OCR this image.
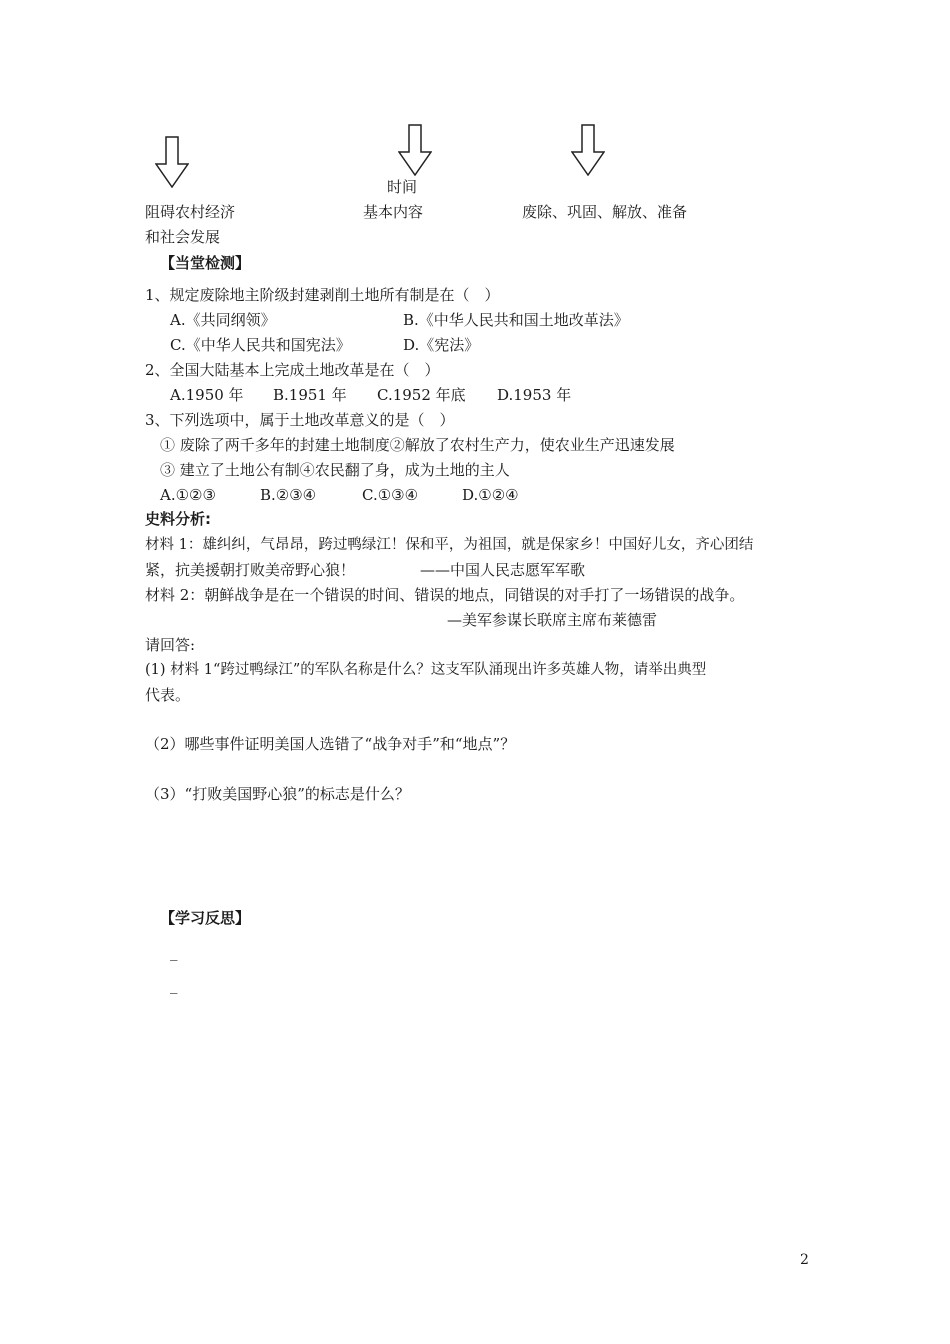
时间
阻碍农村经济
和社会发展
基本内容	废除、巩固、解放、准备
【当堂检测】
1、规定废除地主阶级封建剥削土地所有制是在（　）
A.《共同纲领》	B.《中华人民共和国土地改革法》
C.《中华人民共和国宪法》	D.《宪法》
2、全国大陆基本上完成土地改革是在（　）
A.1950 年 B.1951 年 C.1952 年底 D.1953 年
3、下列选项中，属于土地改革意义的是（　）
① 废除了两千多年的封建土地制度②解放了农村生产力，使农业生产迅速发展
③ 建立了土地公有制④农民翻了身，成为土地的主人
A.①②③	B.②③④	C.①③④	D.①②④
史料分析:
材料 1：雄纠纠，气昂昂，跨过鸭绿江！保和平，为祖国，就是保家乡！中国好儿女，齐心团结
紧，抗美援朝打败美帝野心狼！	——中国人民志愿军军歌
材料 2：朝鲜战争是在一个错误的时间、错误的地点，同错误的对手打了一场错误的战争。
—美军参谋长联席主席布莱德雷
请回答:
(1) 材料 1“跨过鸭绿江”的军队名称是什么？这支军队涌现出许多英雄人物，请举出典型
代表。
（2）哪些事件证明美国人选错了“战争对手”和“地点”？
（3）“打败美国野心狼”的标志是什么？
【学习反思】
_
_
2
